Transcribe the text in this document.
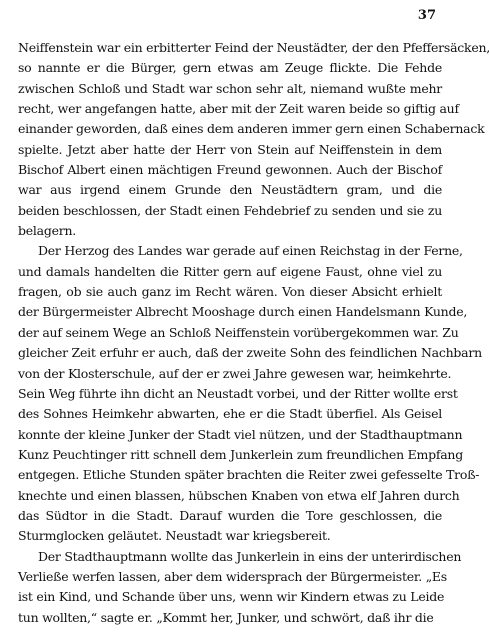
37
Neiffenstein war ein erbitterter Feind der Neustädter, der den Pfeffersäcken,
so nannte er die Bürger, gern etwas am Zeuge flickte. Die Fehde
zwischen Schloß und Stadt war schon sehr alt, niemand wußte mehr
recht, wer angefangen hatte, aber mit der Zeit waren beide so giftig auf
einander geworden, daß eines dem anderen immer gern einen Schabernack
spielte. Jetzt aber hatte der Herr von Stein auf Neiffenstein in dem
Bischof Albert einen mächtigen Freund gewonnen. Auch der Bischof
war aus irgend einem Grunde den Neustädtern gram, und die
beiden beschlossen, der Stadt einen Fehdebrief zu senden und sie zu
belagern.
Der Herzog des Landes war gerade auf einen Reichstag in der Ferne,
und damals handelten die Ritter gern auf eigene Faust, ohne viel zu
fragen, ob sie auch ganz im Recht wären. Von dieser Absicht erhielt
der Bürgermeister Albrecht Mooshage durch einen Handelsmann Kunde,
der auf seinem Wege an Schloß Neiffenstein vorübergekommen war. Zu
gleicher Zeit erfuhr er auch, daß der zweite Sohn des feindlichen Nachbarn
von der Klosterschule, auf der er zwei Jahre gewesen war, heimkehrte.
Sein Weg führte ihn dicht an Neustadt vorbei, und der Ritter wollte erst
des Sohnes Heimkehr abwarten, ehe er die Stadt überfiel. Als Geisel
konnte der kleine Junker der Stadt viel nützen, und der Stadthauptmann
Kunz Peuchtinger ritt schnell dem Junkerlein zum freundlichen Empfang
entgegen. Etliche Stunden später brachten die Reiter zwei gefesselte Troß-
knechte und einen blassen, hübschen Knaben von etwa elf Jahren durch
das Südtor in die Stadt. Darauf wurden die Tore geschlossen, die
Sturmglocken geläutet. Neustadt war kriegsbereit.
Der Stadthauptmann wollte das Junkerlein in eins der unterirdischen
Verließe werfen lassen, aber dem widersprach der Bürgermeister. „Es
ist ein Kind, und Schande über uns, wenn wir Kindern etwas zu Leide
tun wollten,“ sagte er. „Kommt her, Junker, und schwört, daß ihr die
